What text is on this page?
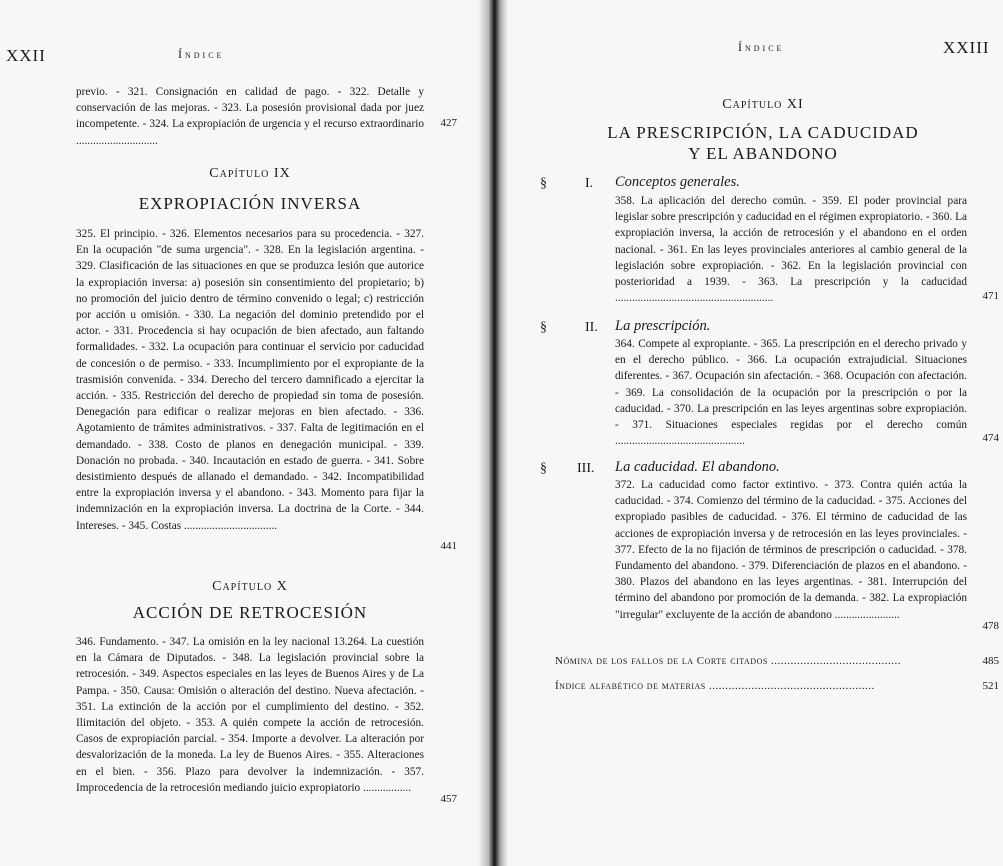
XXII	Índice
previo. - 321. Consignación en calidad de pago. - 322. Detalle y conservación de las mejoras. - 323. La posesión provisional dada por juez incompetente. - 324. La expropiación de urgencia y el recurso extraordinario .............................
427
Capítulo IX
EXPROPIACIÓN INVERSA
325. El principio. - 326. Elementos necesarios para su procedencia. - 327. En la ocupación "de suma urgencia". - 328. En la legislación argentina. - 329. Clasificación de las situaciones en que se produzca lesión que autorice la expropiación inversa: a) posesión sin consentimiento del propietario; b) no promoción del juicio dentro de término convenido o legal; c) restricción por acción u omisión. - 330. La negación del dominio pretendido por el actor. - 331. Procedencia si hay ocupación de bien afectado, aun faltando formalidades. - 332. La ocupación para continuar el servicio por caducidad de concesión o de permiso. - 333. Incumplimiento por el expropiante de la trasmisión convenida. - 334. Derecho del tercero damnificado a ejercitar la acción. - 335. Restricción del derecho de propiedad sin toma de posesión. Denegación para edificar o realizar mejoras en bien afectado. - 336. Agotamiento de trámites administrativos. - 337. Falta de legitimación en el demandado. - 338. Costo de planos en denegación municipal. - 339. Donación no probada. - 340. Incautación en estado de guerra. - 341. Sobre desistimiento después de allanado el demandado. - 342. Incompatibilidad entre la expropiación inversa y el abandono. - 343. Momento para fijar la indemnización en la expropiación inversa. La doctrina de la Corte. - 344. Intereses. - 345. Costas .................................
441
Capítulo X
ACCIÓN DE RETROCESIÓN
346. Fundamento. - 347. La omisión en la ley nacional 13.264. La cuestión en la Cámara de Diputados. - 348. La legislación provincial sobre la retrocesión. - 349. Aspectos especiales en las leyes de Buenos Aires y de La Pampa. - 350. Causa: Omisión o alteración del destino. Nueva afectación. - 351. La extinción de la acción por el cumplimiento del destino. - 352. Ilimitación del objeto. - 353. A quién compete la acción de retrocesión. Casos de expropiación parcial. - 354. Importe a devolver. La alteración por desvalorización de la moneda. La ley de Buenos Aires. - 355. Alteraciones en el bien. - 356. Plazo para devolver la indemnización. - 357. Improcedencia de la retrocesión mediando juicio expropiatorio .................
457
Índice	XXIII
Capítulo XI
LA PRESCRIPCIÓN, LA CADUCIDAD
Y EL ABANDONO
§	I. Conceptos generales.
358. La aplicación del derecho común. - 359. El poder provincial para legislar sobre prescripción y caducidad en el régimen expropiatorio. - 360. La expropiación inversa, la acción de retrocesión y el abandono en el orden nacional. - 361. En las leyes provinciales anteriores al cambio general de la legislación sobre expropiación. - 362. En la legislación provincial con posterioridad a 1939. - 363. La prescripción y la caducidad ........................................................	471
§	II. La prescripción.
364. Compete al expropiante. - 365. La prescripción en el derecho privado y en el derecho público. - 366. La ocupación extrajudicial. Situaciones diferentes. - 367. Ocupación sin afectación. - 368. Ocupación con afectación. - 369. La consolidación de la ocupación por la prescripción o por la caducidad. - 370. La prescripción en las leyes argentinas sobre expropiación. - 371. Situaciones especiales regidas por el derecho común ..............................................	474
§ III. La caducidad. El abandono.
372. La caducidad como factor extintivo. - 373. Contra quién actúa la caducidad. - 374. Comienzo del término de la caducidad. - 375. Acciones del expropiado pasibles de caducidad. - 376. El término de caducidad de las acciones de expropiación inversa y de retrocesión en las leyes provinciales. - 377. Efecto de la no fijación de términos de prescripción o caducidad. - 378. Fundamento del abandono. - 379. Diferenciación de plazos en el abandono. - 380. Plazos del abandono en las leyes argentinas. - 381. Interrupción del término del abandono por promoción de la demanda. - 382. La expropiación "irregular" excluyente de la acción de abandono .......................
478
Nómina de los fallos de la Corte citados ........................................	485
Índice alfabético de materias ...................................................	521
